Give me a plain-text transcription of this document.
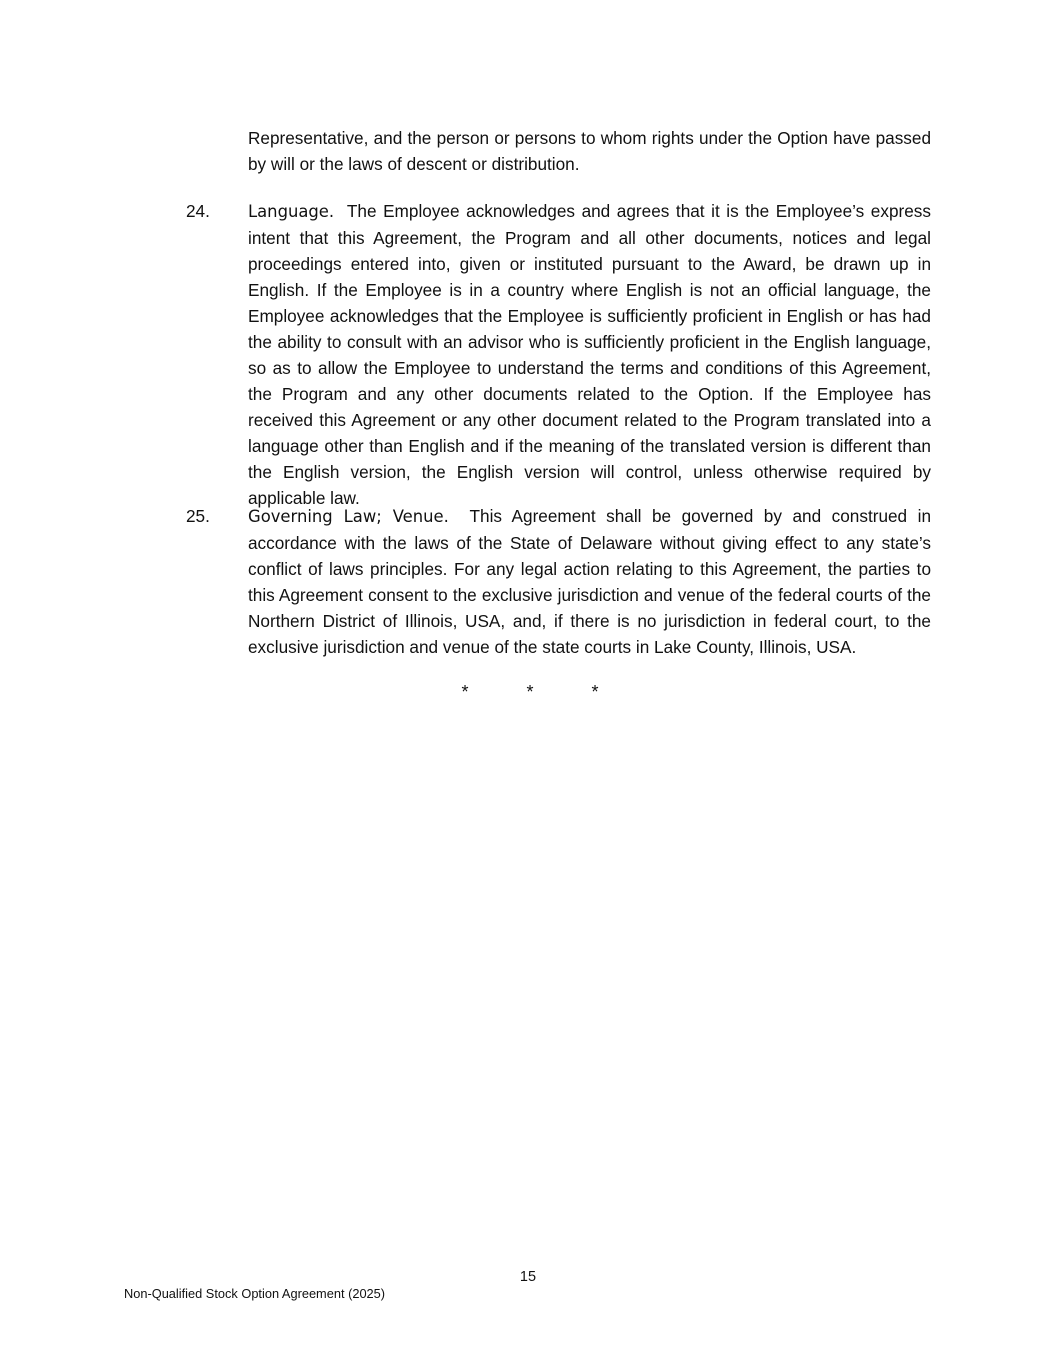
Representative, and the person or persons to whom rights under the Option have passed by will or the laws of descent or distribution.
24. Language. The Employee acknowledges and agrees that it is the Employee’s express intent that this Agreement, the Program and all other documents, notices and legal proceedings entered into, given or instituted pursuant to the Award, be drawn up in English. If the Employee is in a country where English is not an official language, the Employee acknowledges that the Employee is sufficiently proficient in English or has had the ability to consult with an advisor who is sufficiently proficient in the English language, so as to allow the Employee to understand the terms and conditions of this Agreement, the Program and any other documents related to the Option. If the Employee has received this Agreement or any other document related to the Program translated into a language other than English and if the meaning of the translated version is different than the English version, the English version will control, unless otherwise required by applicable law.
25. Governing Law; Venue. This Agreement shall be governed by and construed in accordance with the laws of the State of Delaware without giving effect to any state’s conflict of laws principles. For any legal action relating to this Agreement, the parties to this Agreement consent to the exclusive jurisdiction and venue of the federal courts of the Northern District of Illinois, USA, and, if there is no jurisdiction in federal court, to the exclusive jurisdiction and venue of the state courts in Lake County, Illinois, USA.
*	*	*
15
Non-Qualified Stock Option Agreement (2025)
